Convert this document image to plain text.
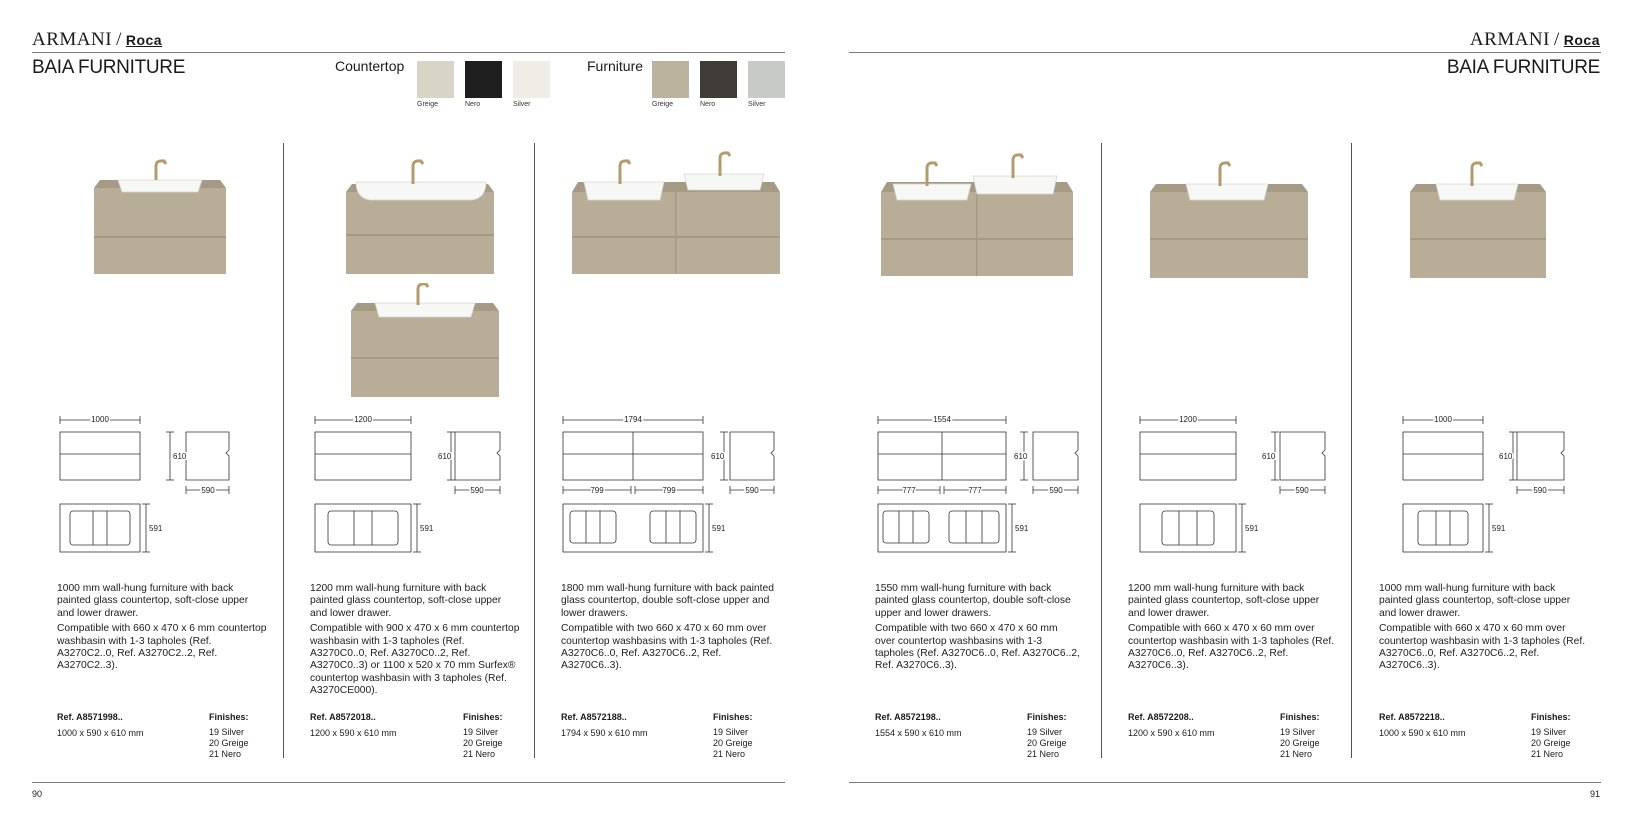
ARMANI / Roca
BAIA FURNITURE
ARMANI / Roca
BAIA FURNITURE
Countertop
Greige	Nero	Silver
Furniture
Greige	Nero	Silver
1000
610
590
591
1200
610
590
591
1794
799	799
610
590
591
1554
777	777
610
590
591
1200
610
590
591
1000
610
590
591

1000 mm wall-hung furniture with back painted glass countertop, soft-close upper and lower drawer.

Compatible with 660 x 470 x 6 mm countertop washbasin with 1-3 tapholes (Ref. A3270C2..0, Ref. A3270C2..2, Ref. A3270C2..3).

1200 mm wall-hung furniture with back painted glass countertop, soft-close upper and lower drawer.

Compatible with 900 x 470 x 6 mm countertop washbasin with 1-3 tapholes (Ref. A3270C0..0, Ref. A3270C0..2, Ref. A3270C0..3) or 1100 x 520 x 70 mm Surfex® countertop washbasin with 3 tapholes (Ref. A3270CE000).

1800 mm wall-hung furniture with back painted glass countertop, double soft-close upper and lower drawers.

Compatible with two 660 x 470 x 60 mm over countertop washbasins with 1-3 tapholes (Ref. A3270C6..0, Ref. A3270C6..2, Ref. A3270C6..3).

1550 mm wall-hung furniture with back painted glass countertop, double soft-close upper and lower drawers.

Compatible with two 660 x 470 x 60 mm over countertop washbasins with 1-3 tapholes (Ref. A3270C6..0, Ref. A3270C6..2, Ref. A3270C6..3).

1200 mm wall-hung furniture with back painted glass countertop, soft-close upper and lower drawer.

Compatible with 660 x 470 x 60 mm over countertop washbasin with 1-3 tapholes (Ref. A3270C6..0, Ref. A3270C6..2, Ref. A3270C6..3).

1000 mm wall-hung furniture with back painted glass countertop, soft-close upper and lower drawer.

Compatible with 660 x 470 x 60 mm over countertop washbasin with 1-3 tapholes (Ref. A3270C6..0, Ref. A3270C6..2, Ref. A3270C6..3).

Ref. A8571998..
1000 x 590 x 610 mm
Finishes:
19 Silver
20 Greige
21 Nero
Ref. A8572018..
1200 x 590 x 610 mm
Finishes:
19 Silver
20 Greige
21 Nero
Ref. A8572188..
1794 x 590 x 610 mm
Finishes:
19 Silver
20 Greige
21 Nero
Ref. A8572198..
1554 x 590 x 610 mm
Finishes:
19 Silver
20 Greige
21 Nero
Ref. A8572208..
1200 x 590 x 610 mm
Finishes:
19 Silver
20 Greige
21 Nero
Ref. A8572218..
1000 x 590 x 610 mm
Finishes:
19 Silver
20 Greige
21 Nero
90	91
